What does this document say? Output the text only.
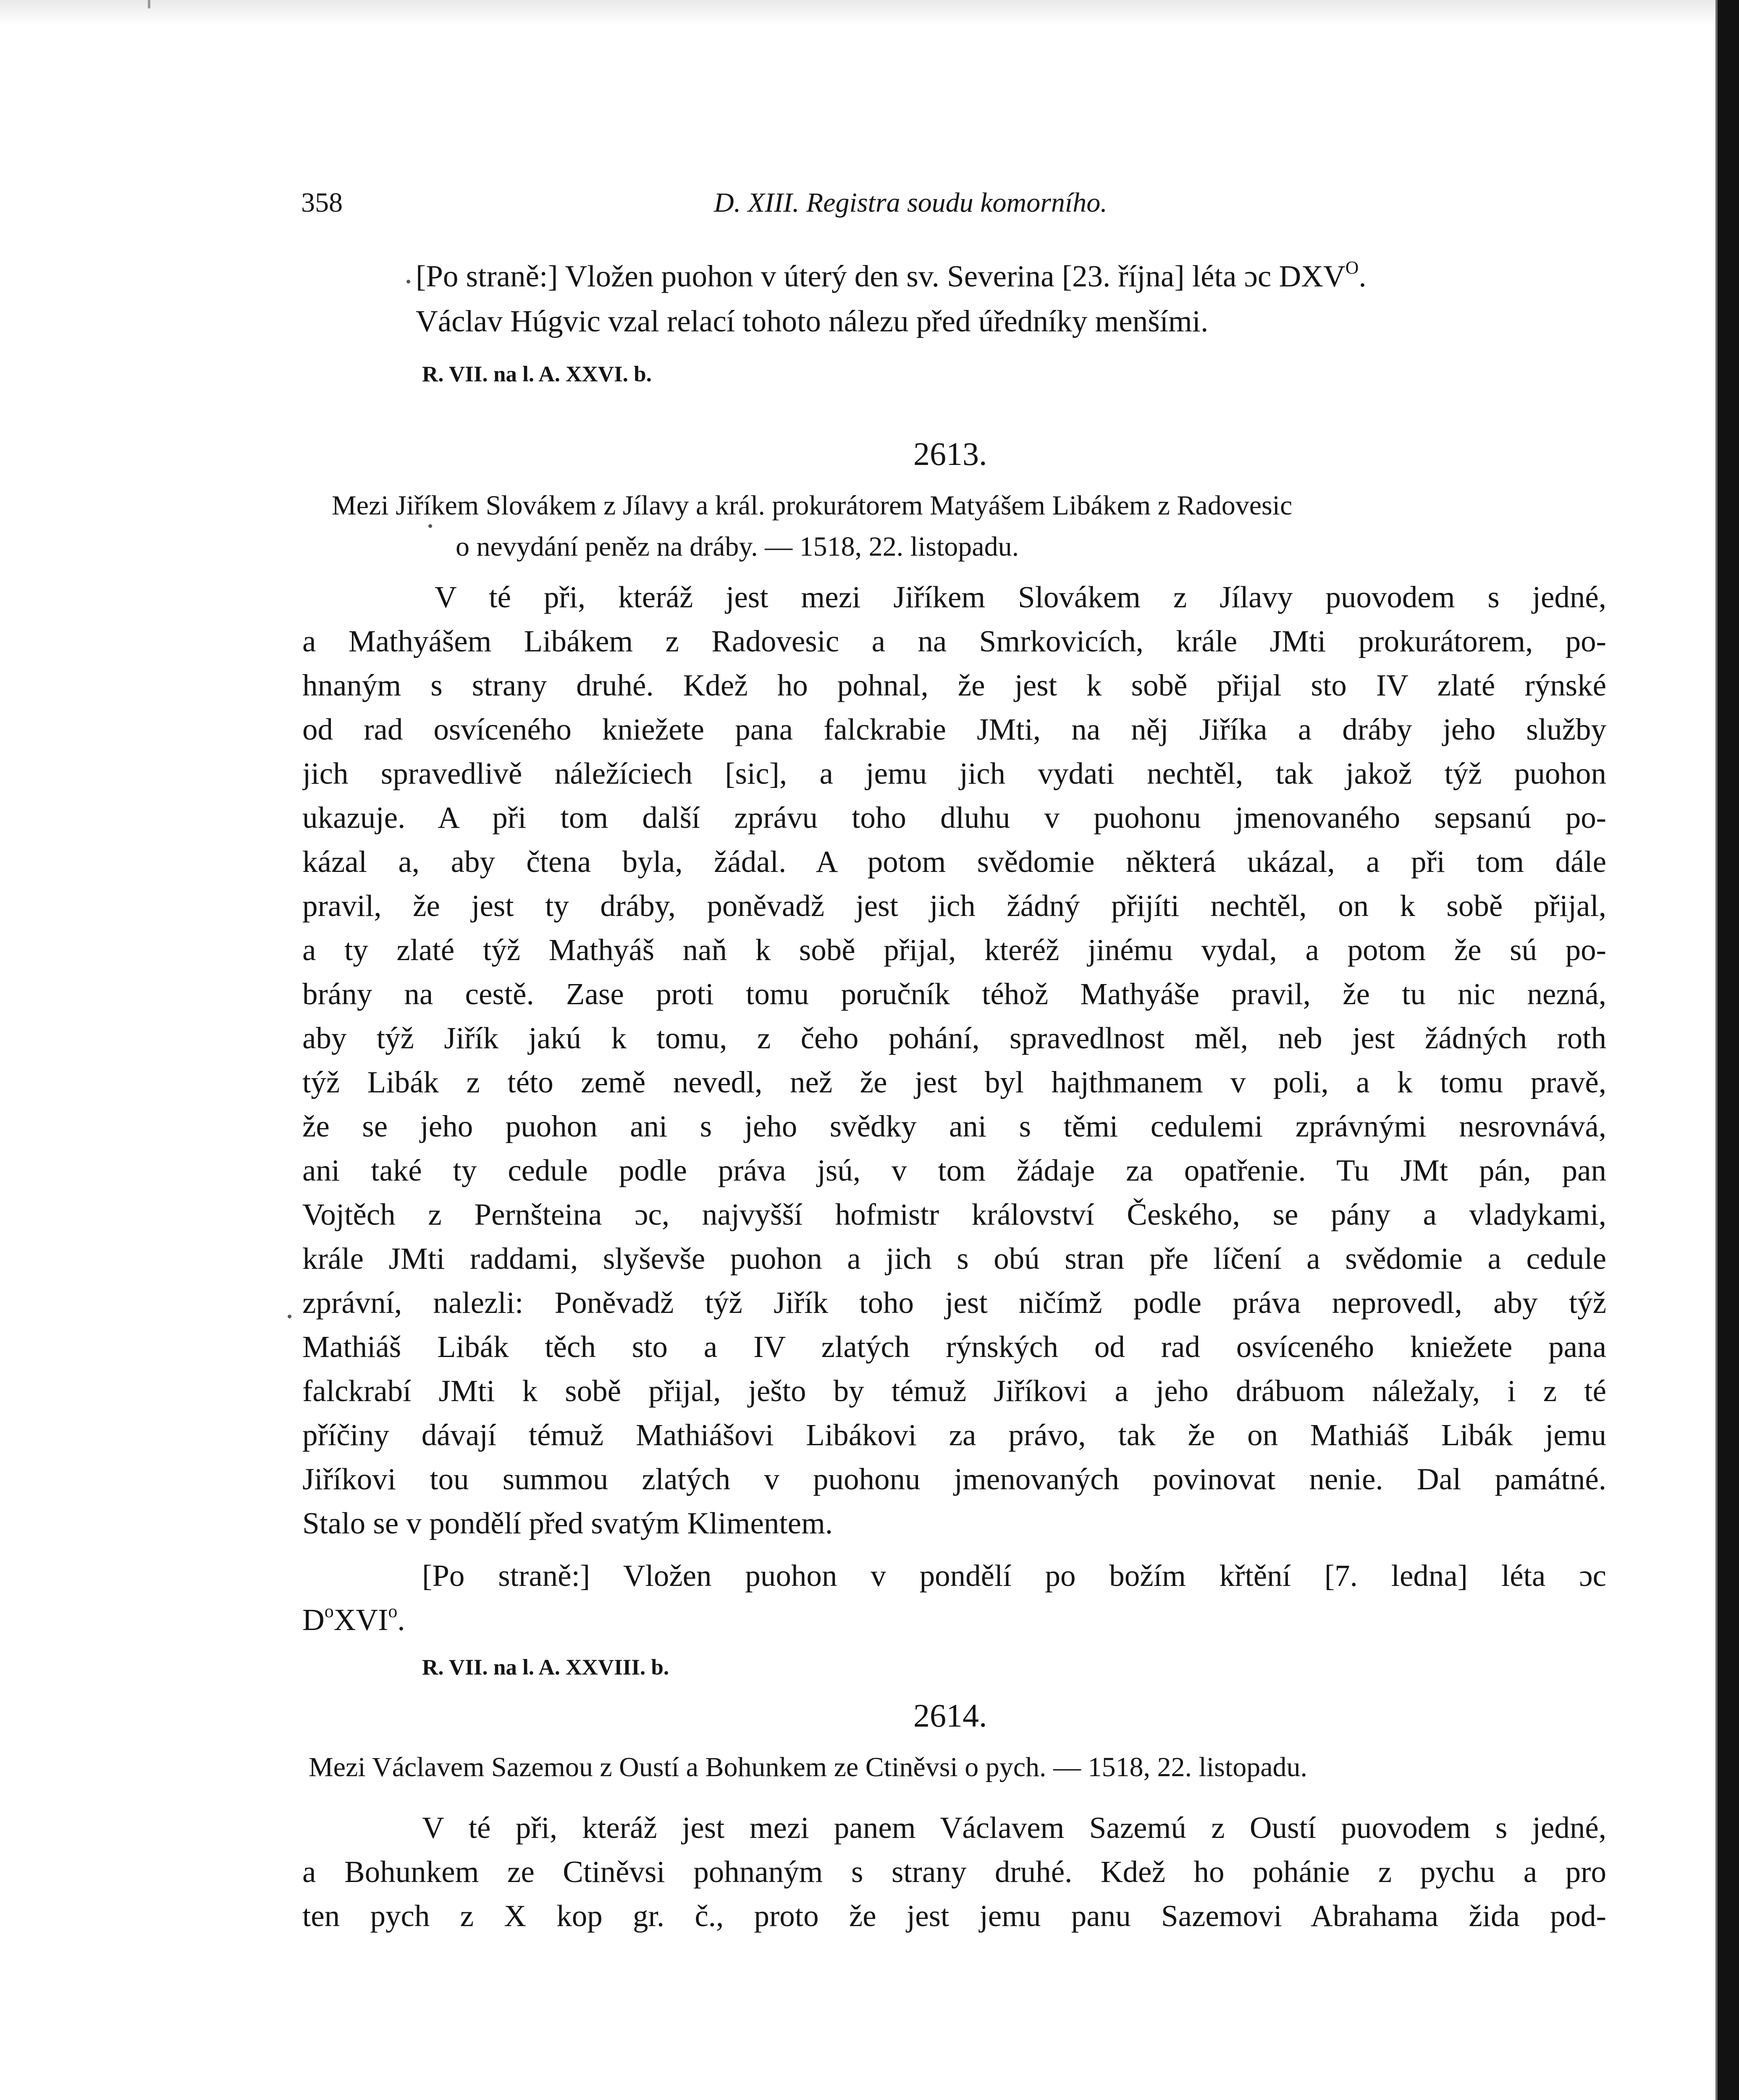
358	D. XIII. Registra soudu komorního.
[Po straně:] Vložen puohon v úterý den sv. Severina [23. října] léta ɔc $DXV^O$.
Václav Húgvic vzal relací tohoto nálezu před úředníky menšími.
R. VII. na l. A. XXVI. b.
2613.
Mezi Jiříkem Slovákem z Jílavy a král. prokurátorem Matyášem Libákem z Radovesic
o nevydání peněz na dráby. — 1518, 22. listopadu.
V té při, kteráž jest mezi Jiříkem Slovákem z Jílavy puovodem s jedné,
a Mathyášem Libákem z Radovesic a na Smrkovicích, krále JMti prokurátorem, po-
hnaným s strany druhé. Kdež ho pohnal, že jest k sobě přijal sto IV zlaté rýnské
od rad osvíceného kniežete pana falckrabie JMti, na něj Jiříka a dráby jeho služby
jich spravedlivě náležíciech [sic], a jemu jich vydati nechtěl, tak jakož týž puohon
ukazuje. A při tom další zprávu toho dluhu v puohonu jmenovaného sepsanú po-
kázal a, aby čtena byla, žádal. A potom svědomie některá ukázal, a při tom dále
pravil, že jest ty dráby, poněvadž jest jich žádný přijíti nechtěl, on k sobě přijal,
a ty zlaté týž Mathyáš naň k sobě přijal, kteréž jinému vydal, a potom že sú po-
brány na cestě. Zase proti tomu poručník téhož Mathyáše pravil, že tu nic nezná,
aby týž Jiřík jakú k tomu, z čeho pohání, spravedlnost měl, neb jest žádných roth
týž Libák z této země nevedl, než že jest byl hajthmanem v poli, a k tomu pravě,
že se jeho puohon ani s jeho svědky ani s těmi cedulemi zprávnými nesrovnává,
ani také ty cedule podle práva jsú, v tom žádaje za opatřenie. Tu JMt pán, pan
Vojtěch z Pernšteina ɔc, najvyšší hofmistr království Českého, se pány a vladykami,
krále JMti raddami, slyševše puohon a jich s obú stran pře líčení a svědomie a cedule
zprávní, nalezli: Poněvadž týž Jiřík toho jest ničímž podle práva neprovedl, aby týž
Mathiáš Libák těch sto a IV zlatých rýnských od rad osvíceného kniežete pana
falckrabí JMti k sobě přijal, ješto by témuž Jiříkovi a jeho drábuom náležaly, i z té
příčiny dávají témuž Mathiášovi Libákovi za právo, tak že on Mathiáš Libák jemu
Jiříkovi tou summou zlatých v puohonu jmenovaných povinovat nenie. Dal památné.
Stalo se v pondělí před svatým Klimentem.
[Po straně:] Vložen puohon v pondělí po božím křtění [7. ledna] léta ɔc
$D^oXVI^o$.
R. VII. na l. A. XXVIII. b.
2614.
Mezi Václavem Sazemou z Oustí a Bohunkem ze Ctiněvsi o pych. — 1518, 22. listopadu.
V té při, kteráž jest mezi panem Václavem Sazemú z Oustí puovodem s jedné,
a Bohunkem ze Ctiněvsi pohnaným s strany druhé. Kdež ho pohánie z pychu a pro
ten pych z X kop gr. č., proto že jest jemu panu Sazemovi Abrahama žida pod-
